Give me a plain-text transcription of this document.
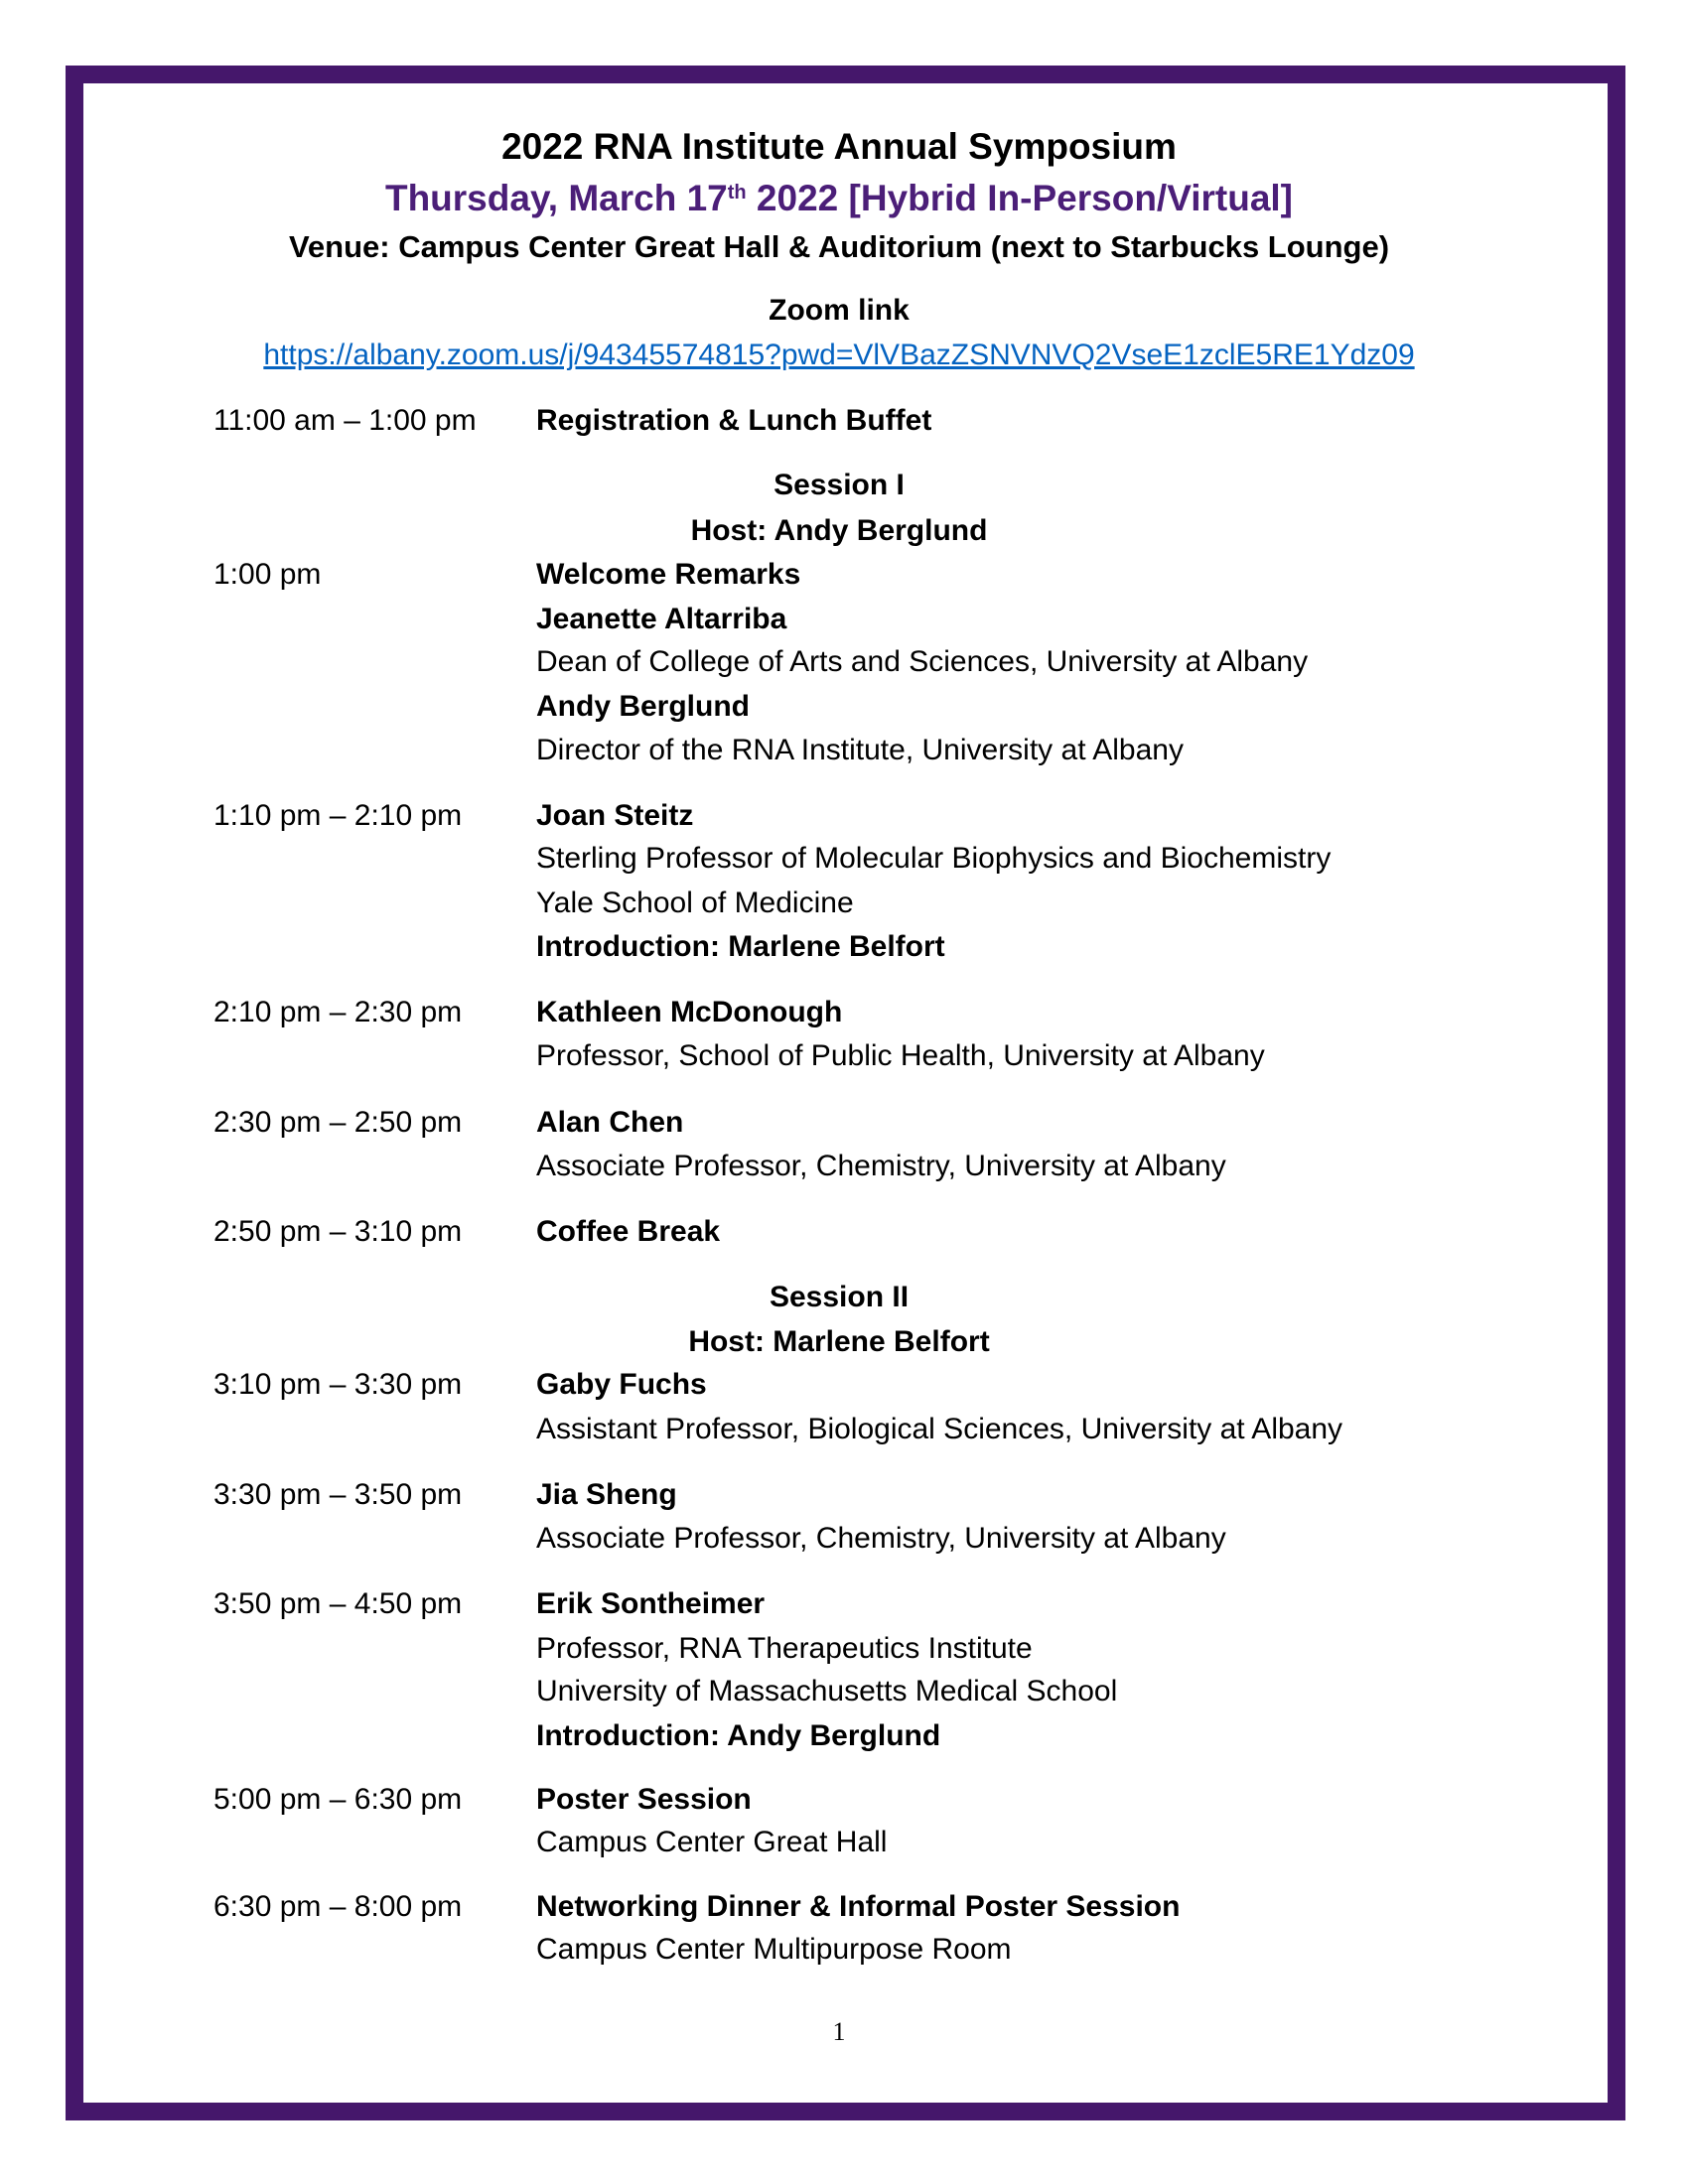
2022 RNA Institute Annual Symposium
Thursday, March 17th 2022 [Hybrid In-Person/Virtual]
Venue: Campus Center Great Hall & Auditorium (next to Starbucks Lounge)
Zoom link
https://albany.zoom.us/j/94345574815?pwd=VlVBazZSNVNVQ2VseE1zclE5RE1Ydz09
11:00 am – 1:00 pm Registration & Lunch Buffet
Session I
Host: Andy Berglund
1:00 pm	Welcome Remarks
Jeanette Altarriba
Dean of College of Arts and Sciences, University at Albany
Andy Berglund
Director of the RNA Institute, University at Albany
1:10 pm – 2:10 pm Joan Steitz
Sterling Professor of Molecular Biophysics and Biochemistry
Yale School of Medicine
Introduction: Marlene Belfort
2:10 pm – 2:30 pm Kathleen McDonough
Professor, School of Public Health, University at Albany
2:30 pm – 2:50 pm Alan Chen
Associate Professor, Chemistry, University at Albany
2:50 pm – 3:10 pm Coffee Break
Session II
Host: Marlene Belfort
3:10 pm – 3:30 pm Gaby Fuchs
Assistant Professor, Biological Sciences, University at Albany
3:30 pm – 3:50 pm Jia Sheng
Associate Professor, Chemistry, University at Albany
3:50 pm – 4:50 pm Erik Sontheimer
Professor, RNA Therapeutics Institute
University of Massachusetts Medical School
Introduction: Andy Berglund
5:00 pm – 6:30 pm Poster Session
Campus Center Great Hall
6:30 pm – 8:00 pm Networking Dinner & Informal Poster Session
Campus Center Multipurpose Room
1
